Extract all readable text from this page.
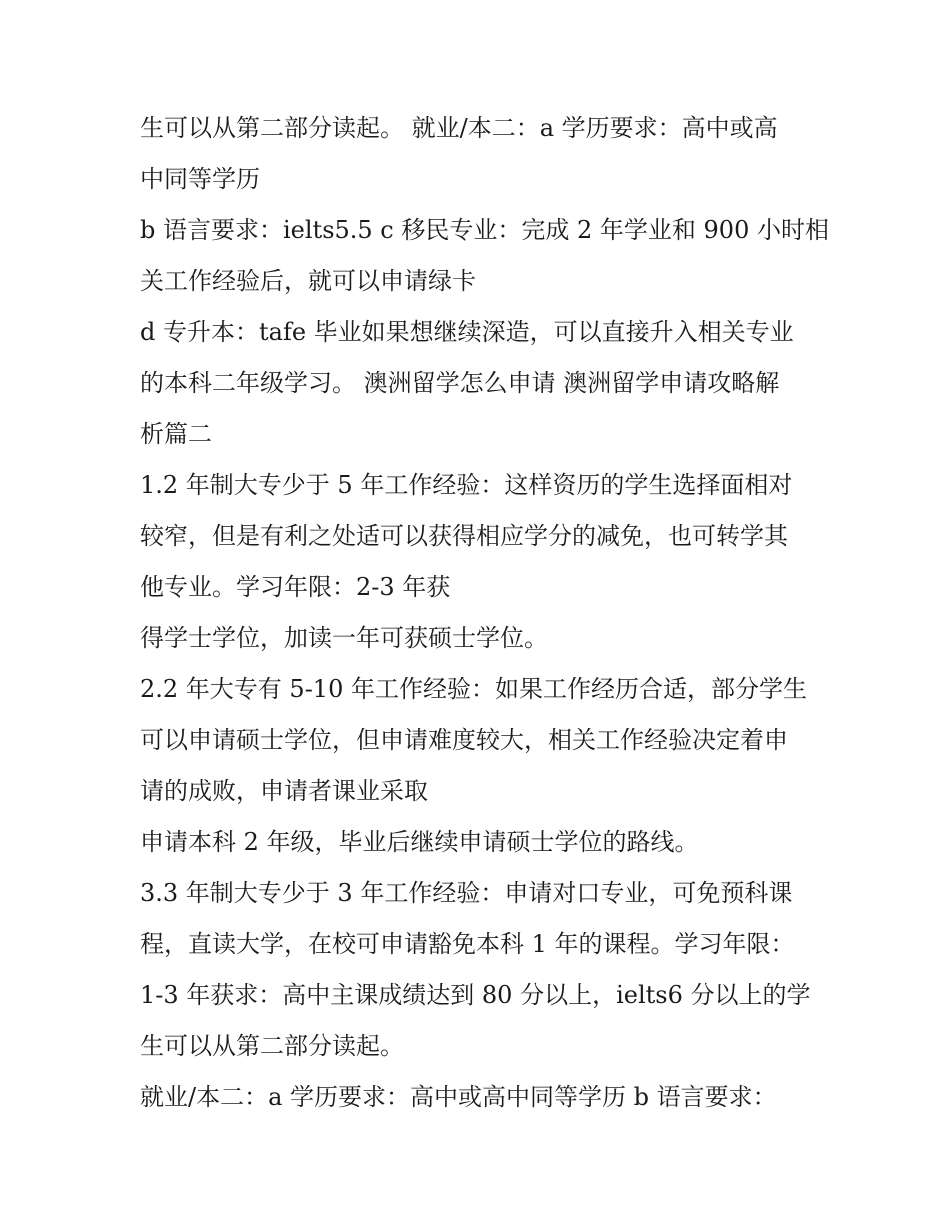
生可以从第二部分读起。 就业/本二：a 学历要求：高中或高
中同等学历

b 语言要求：ielts5.5 c 移民专业：完成 2 年学业和 900 小时相
关工作经验后，就可以申请绿卡

d 专升本：tafe 毕业如果想继续深造，可以直接升入相关专业
的本科二年级学习。 澳洲留学怎么申请 澳洲留学申请攻略解
析篇二

1.2 年制大专少于 5 年工作经验：这样资历的学生选择面相对
较窄，但是有利之处适可以获得相应学分的减免，也可转学其
他专业。学习年限：2-3 年获

得学士学位，加读一年可获硕士学位。

2.2 年大专有 5-10 年工作经验：如果工作经历合适，部分学生
可以申请硕士学位，但申请难度较大，相关工作经验决定着申
请的成败，申请者课业采取

申请本科 2 年级，毕业后继续申请硕士学位的路线。

3.3 年制大专少于 3 年工作经验：申请对口专业，可免预科课
程，直读大学，在校可申请豁免本科 1 年的课程。学习年限：
1-3 年获求：高中主课成绩达到 80 分以上，ielts6 分以上的学
生可以从第二部分读起。

就业/本二：a 学历要求：高中或高中同等学历 b 语言要求：
